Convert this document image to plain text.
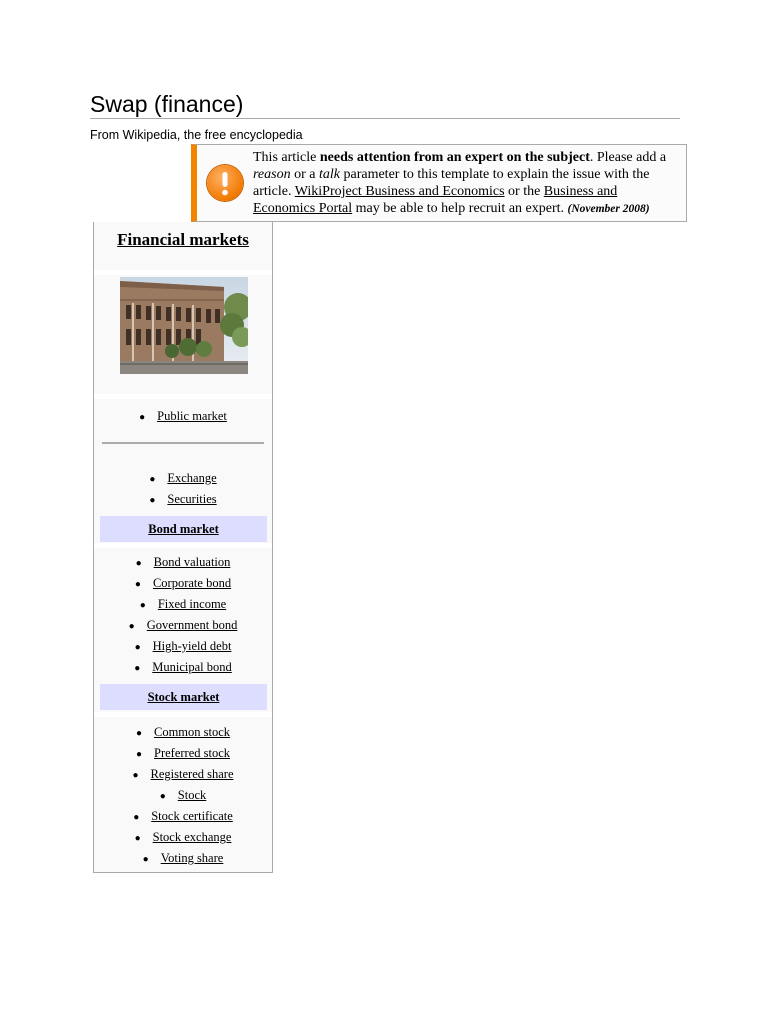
Swap (finance)
From Wikipedia, the free encyclopedia
This article needs attention from an expert on the subject. Please add a reason or a talk parameter to this template to explain the issue with the article. WikiProject Business and Economics or the Business and Economics Portal may be able to help recruit an expert. (November 2008)
Financial markets
● Public market
● Exchange
● Securities
Bond market
● Bond valuation
● Corporate bond
● Fixed income
● Government bond
● High-yield debt
● Municipal bond
Stock market
● Common stock
● Preferred stock
● Registered share
● Stock
● Stock certificate
● Stock exchange
● Voting share
